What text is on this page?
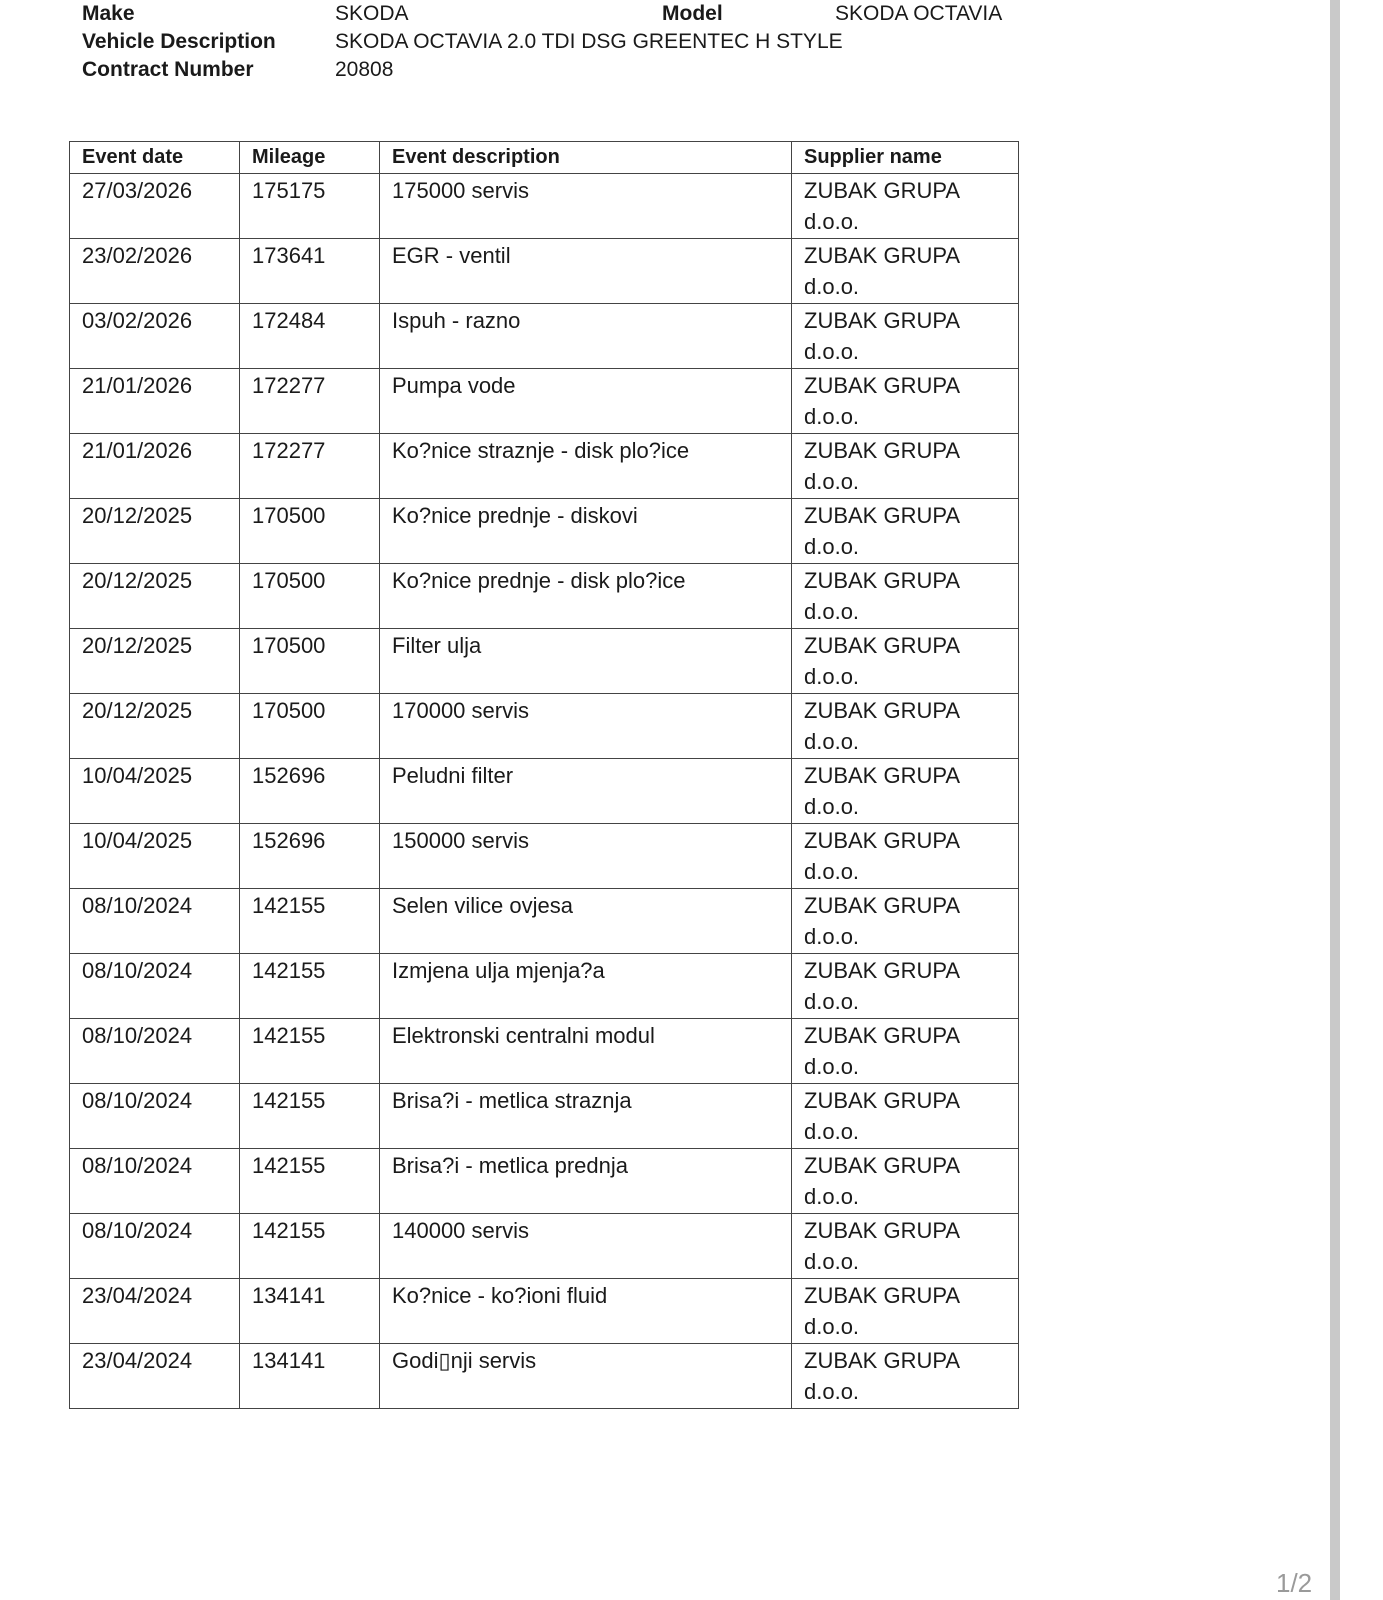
Make	SKODA	Model	SKODA OCTAVIA
Vehicle Description	SKODA OCTAVIA 2.0 TDI DSG GREENTEC H STYLE
Contract Number	20808
Event date	Mileage	Event description	Supplier name
27/03/2026	175175	175000 servis	ZUBAK GRUPA
d.o.o.

23/02/2026	173641	EGR - ventil	ZUBAK GRUPA
d.o.o.

03/02/2026	172484	Ispuh - razno	ZUBAK GRUPA
d.o.o.

21/01/2026	172277	Pumpa vode	ZUBAK GRUPA
d.o.o.

21/01/2026	172277	Ko?nice straznje - disk plo?ice	ZUBAK GRUPA
d.o.o.

20/12/2025	170500	Ko?nice prednje - diskovi	ZUBAK GRUPA
d.o.o.

20/12/2025	170500	Ko?nice prednje - disk plo?ice	ZUBAK GRUPA
d.o.o.

20/12/2025	170500	Filter ulja	ZUBAK GRUPA
d.o.o.

20/12/2025	170500	170000 servis	ZUBAK GRUPA
d.o.o.

10/04/2025	152696	Peludni filter	ZUBAK GRUPA
d.o.o.

10/04/2025	152696	150000 servis	ZUBAK GRUPA
d.o.o.

08/10/2024	142155	Selen vilice ovjesa	ZUBAK GRUPA
d.o.o.

08/10/2024	142155	Izmjena ulja mjenja?a	ZUBAK GRUPA
d.o.o.

08/10/2024	142155	Elektronski centralni modul	ZUBAK GRUPA
d.o.o.

08/10/2024	142155	Brisa?i - metlica straznja	ZUBAK GRUPA
d.o.o.

08/10/2024	142155	Brisa?i - metlica prednja	ZUBAK GRUPA
d.o.o.

08/10/2024	142155	140000 servis	ZUBAK GRUPA
d.o.o.

23/04/2024	134141	Ko?nice - ko?ioni fluid	ZUBAK GRUPA
d.o.o.

23/04/2024	134141	Godi▯nji servis	ZUBAK GRUPA
d.o.o.
1/2
